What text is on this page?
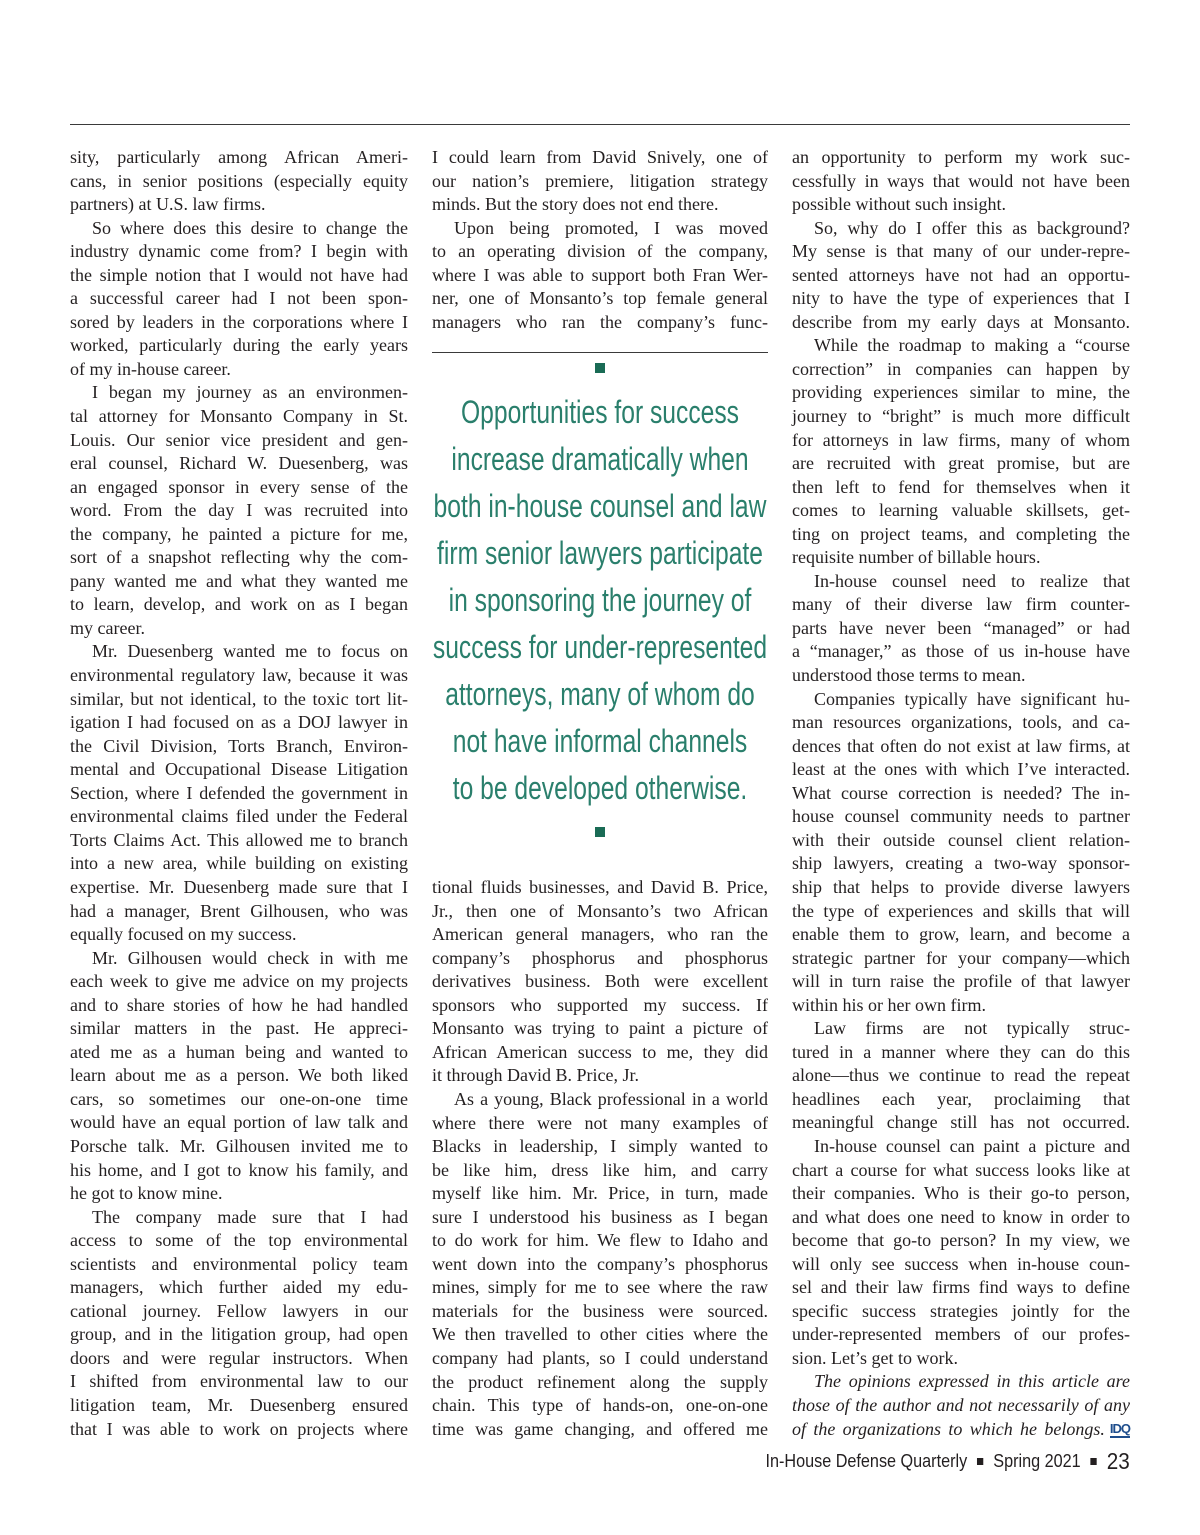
sity, particularly among African Ameri-
cans, in senior positions (especially equity
partners) at U.S. law firms.
So where does this desire to change the
industry dynamic come from? I begin with
the simple notion that I would not have had
a successful career had I not been spon-
sored by leaders in the corporations where I
worked, particularly during the early years
of my in-house career.
I began my journey as an environmen-
tal attorney for Monsanto Company in St.
Louis. Our senior vice president and gen-
eral counsel, Richard W. Duesenberg, was
an engaged sponsor in every sense of the
word. From the day I was recruited into
the company, he painted a picture for me,
sort of a snapshot reflecting why the com-
pany wanted me and what they wanted me
to learn, develop, and work on as I began
my career.
Mr. Duesenberg wanted me to focus on
environmental regulatory law, because it was
similar, but not identical, to the toxic tort lit-
igation I had focused on as a DOJ lawyer in
the Civil Division, Torts Branch, Environ-
mental and Occupational Disease Litigation
Section, where I defended the government in
environmental claims filed under the Federal
Torts Claims Act. This allowed me to branch
into a new area, while building on existing
expertise. Mr. Duesenberg made sure that I
had a manager, Brent Gilhousen, who was
equally focused on my success.
Mr. Gilhousen would check in with me
each week to give me advice on my projects
and to share stories of how he had handled
similar matters in the past. He appreci-
ated me as a human being and wanted to
learn about me as a person. We both liked
cars, so sometimes our one-on-one time
would have an equal portion of law talk and
Porsche talk. Mr. Gilhousen invited me to
his home, and I got to know his family, and
he got to know mine.
The company made sure that I had
access to some of the top environmental
scientists and environmental policy team
managers, which further aided my edu-
cational journey. Fellow lawyers in our
group, and in the litigation group, had open
doors and were regular instructors. When
I shifted from environmental law to our
litigation team, Mr. Duesenberg ensured
that I was able to work on projects where
I could learn from David Snively, one of
our nation’s premiere, litigation strategy
minds. But the story does not end there.
Upon being promoted, I was moved
to an operating division of the company,
where I was able to support both Fran Wer-
ner, one of Monsanto’s top female general
managers who ran the company’s func-
Opportunities for success
increase dramatically when
both in-house counsel and law
firm senior lawyers participate
in sponsoring the journey of
success for under-represented
attorneys, many of whom do
not have informal channels
to be developed otherwise.
tional fluids businesses, and David B. Price,
Jr., then one of Monsanto’s two African
American general managers, who ran the
company’s phosphorus and phosphorus
derivatives business. Both were excellent
sponsors who supported my success. If
Monsanto was trying to paint a picture of
African American success to me, they did
it through David B. Price, Jr.
As a young, Black professional in a world
where there were not many examples of
Blacks in leadership, I simply wanted to
be like him, dress like him, and carry
myself like him. Mr. Price, in turn, made
sure I understood his business as I began
to do work for him. We flew to Idaho and
went down into the company’s phosphorus
mines, simply for me to see where the raw
materials for the business were sourced.
We then travelled to other cities where the
company had plants, so I could understand
the product refinement along the supply
chain. This type of hands-on, one-on-one
time was game changing, and offered me
an opportunity to perform my work suc-
cessfully in ways that would not have been
possible without such insight.
So, why do I offer this as background?
My sense is that many of our under-repre-
sented attorneys have not had an opportu-
nity to have the type of experiences that I
describe from my early days at Monsanto.
While the roadmap to making a “course
correction” in companies can happen by
providing experiences similar to mine, the
journey to “bright” is much more difficult
for attorneys in law firms, many of whom
are recruited with great promise, but are
then left to fend for themselves when it
comes to learning valuable skillsets, get-
ting on project teams, and completing the
requisite number of billable hours.
In-house counsel need to realize that
many of their diverse law firm counter-
parts have never been “managed” or had
a “manager,” as those of us in-house have
understood those terms to mean.
Companies typically have significant hu-
man resources organizations, tools, and ca-
dences that often do not exist at law firms, at
least at the ones with which I’ve interacted.
What course correction is needed? The in-
house counsel community needs to partner
with their outside counsel client relation-
ship lawyers, creating a two-way sponsor-
ship that helps to provide diverse lawyers
the type of experiences and skills that will
enable them to grow, learn, and become a
strategic partner for your company—which
will in turn raise the profile of that lawyer
within his or her own firm.
Law firms are not typically struc-
tured in a manner where they can do this
alone—thus we continue to read the repeat
headlines each year, proclaiming that
meaningful change still has not occurred.
In-house counsel can paint a picture and
chart a course for what success looks like at
their companies. Who is their go-to person,
and what does one need to know in order to
become that go-to person? In my view, we
will only see success when in-house coun-
sel and their law firms find ways to define
specific success strategies jointly for the
under-represented members of our profes-
sion. Let’s get to work.
The opinions expressed in this article are
those of the author and not necessarily of any
of the organizations to which he belongs. IDQ
In-House Defense Quarterly Spring 2021 23
